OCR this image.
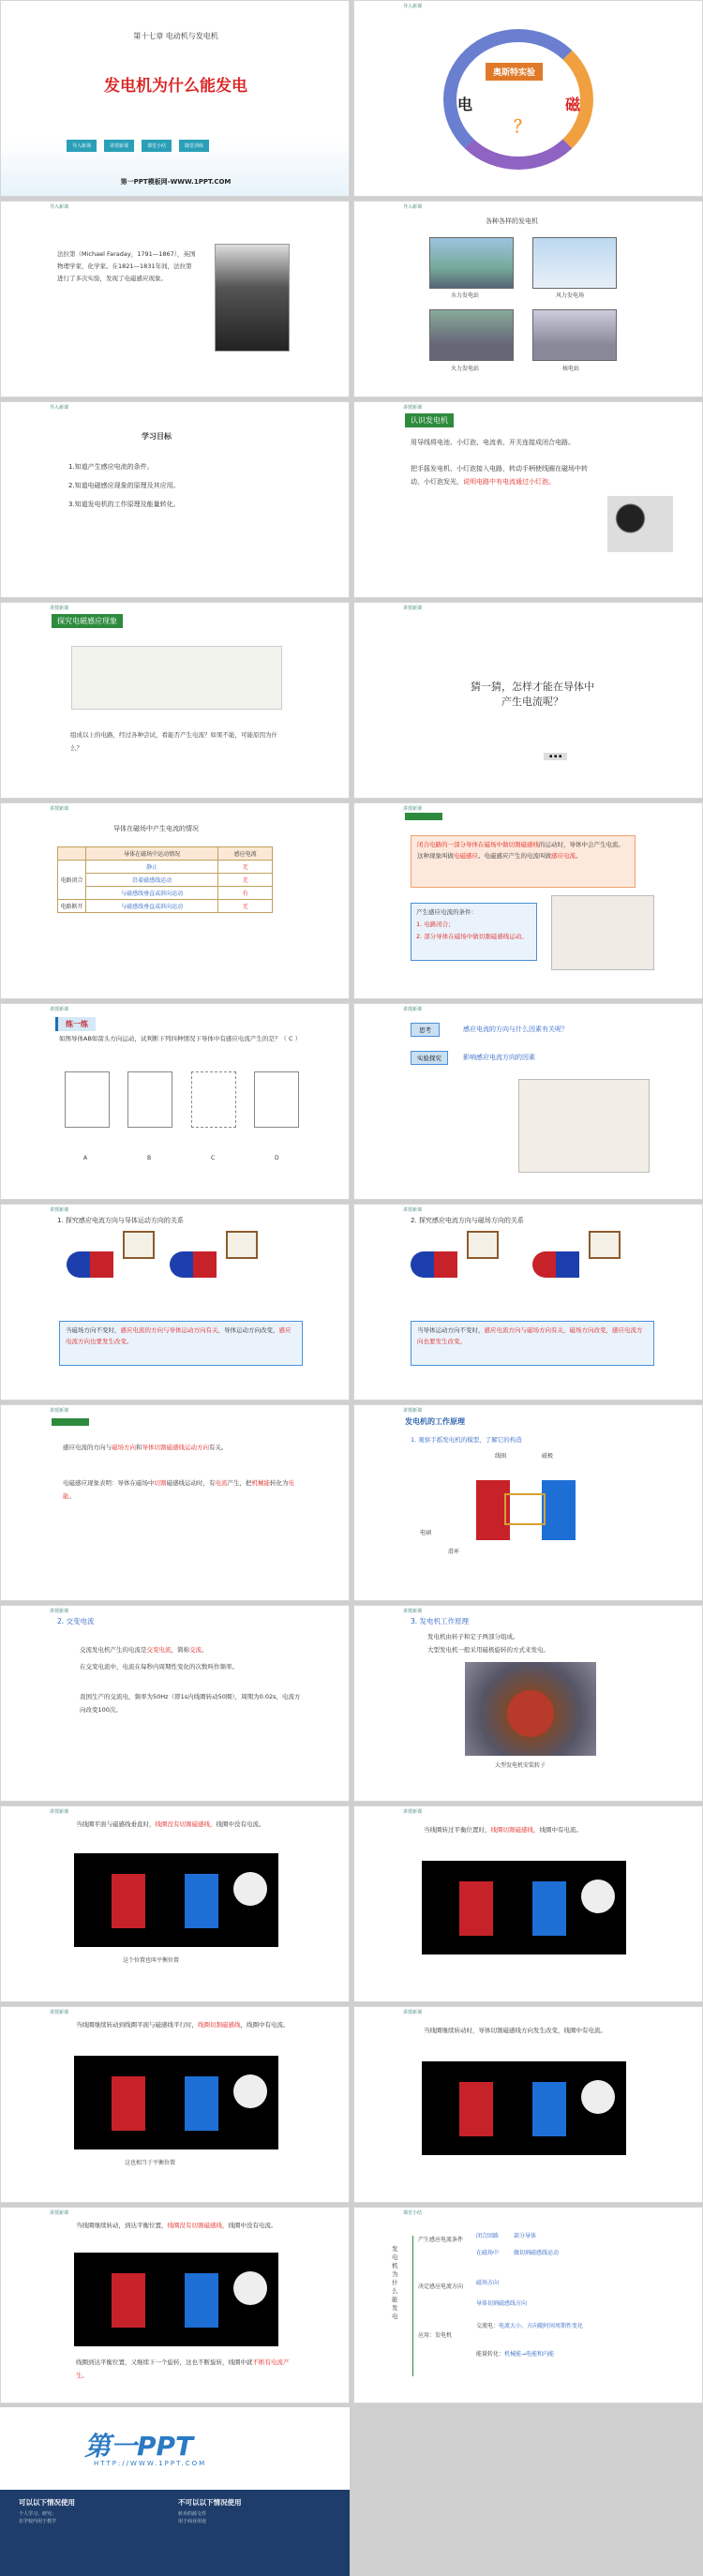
第十七章 电动机与发电机
发电机为什么能发电
导入新课	讲授新课	课堂小结	随堂训练
第一PPT模板网-WWW.1PPT.COM
导入新课
奥斯特实验
电	磁
？
导入新课
法拉第（Michael Faraday，1791—1867），英国物理学家，化学家。在1821—1831年间，法拉第进行了多次实验，发现了电磁感应现象。
导入新课
各种各样的发电机
水力发电站	风力发电场
火力发电站	核电站
导入新课
学习目标
1.知道产生感应电流的条件。
2.知道电磁感应现象的原理及其应用。
3.知道发电机的工作原理及能量转化。
讲授新课
认识发电机
用导线将电池、小灯泡、电流表、开关连接成闭合电路。
把手摇发电机、小灯泡接入电路，转动手柄使线圈在磁场中转动，小灯泡发光，说明电路中有电流通过小灯泡。
讲授新课
探究电磁感应现象
组成以上的电路，经过各种尝试，看能否产生电流？如果不能，可能原因为什么？
讲授新课
猜一猜，怎样才能在导体中产生电流呢？
▪ ▪ ▪
讲授新课
导体在磁场中产生电流的情况
	导体在磁场中运动情况	感应电流
电路闭合	静止	无
	沿着磁感线运动	无
	与磁感线垂直或斜向运动	有
电路断开	与磁感线垂直或斜向运动	无
讲授新课
闭合电路的一部分导体在磁场中做切割磁感线的运动时，导体中会产生电流。这种现象叫做电磁感应。电磁感应产生的电流叫做感应电流。
产生感应电流的条件：
1. 电路闭合；
2. 部分导体在磁场中做切割磁感线运动。
讲授新课
练一练
如图导体AB如箭头方向运动，试判断下列四种情况下导体中有感应电流产生的是？（ C ）
A	B	C	D
讲授新课
思考	感应电流的方向与什么因素有关呢？
实验探究	影响感应电流方向的因素
讲授新课
1. 探究感应电流方向与导体运动方向的关系
当磁场方向不变时，感应电流的方向与导体运动方向有关，导体运动方向改变，感应电流方向也要发生改变。
讲授新课
2. 探究感应电流方向与磁场方向的关系
当导体运动方向不变时，感应电流方向与磁场方向有关，磁场方向改变，感应电流方向也要发生改变。
讲授新课
感应电流的方向与磁场方向和导体切割磁感线运动方向有关。
电磁感应现象表明：导体在磁场中切割磁感线运动时，有电流产生，把机械能转化为电能。
讲授新课
发电机的工作原理
1. 观察手摇发电机的模型，了解它的构造
线圈	磁极
滑环
电刷
讲授新课
2. 交变电流
交流发电机产生的电流是交变电流，简称交流。
在交变电流中，电流在每秒内周期性变化的次数叫作频率。
我国生产的交流电，频率为50Hz（即1s内线圈转动50圈），周期为0.02s，电流方向改变100次。
讲授新课
3. 发电机工作原理
发电机由转子和定子两部分组成。
大型发电机一般采用磁极旋转的方式来发电。
大型发电机安装转子
讲授新课
当线圈平面与磁感线垂直时，线圈没有切割磁感线，线圈中没有电流。
这个位置也叫平衡位置
讲授新课
当线圈转过平衡位置时，线圈切割磁感线，线圈中有电流。
讲授新课
当线圈继续转动到线圈平面与磁感线平行时，线圈切割磁感线，线圈中有电流。
这也相当于平衡位置
讲授新课
当线圈继续转动时，导体切割磁感线方向发生改变，线圈中有电流。
讲授新课
当线圈继续转动，到达平衡位置，线圈没有切割磁感线，线圈中没有电流。
线圈到达平衡位置，又继续下一个旋转，这也不断旋转，线圈中就不断有电流产生。
课堂小结
发电机为什么能发电
产生感应电流条件
闭合回路	部分导体
在磁场中	做切割磁感线运动
决定感应电流方向
磁场方向
导体切割磁感线方向
应用：发电机
交流电：电流大小，方向随时间周期性变化
能量转化：机械能→电能和内能
第一PPT
HTTP://WWW.1PPT.COM
可以以下情况使用	不可以以下情况使用
个人学习、研究；
在学校内用于教学
转卖的源文件
用于商业用途
